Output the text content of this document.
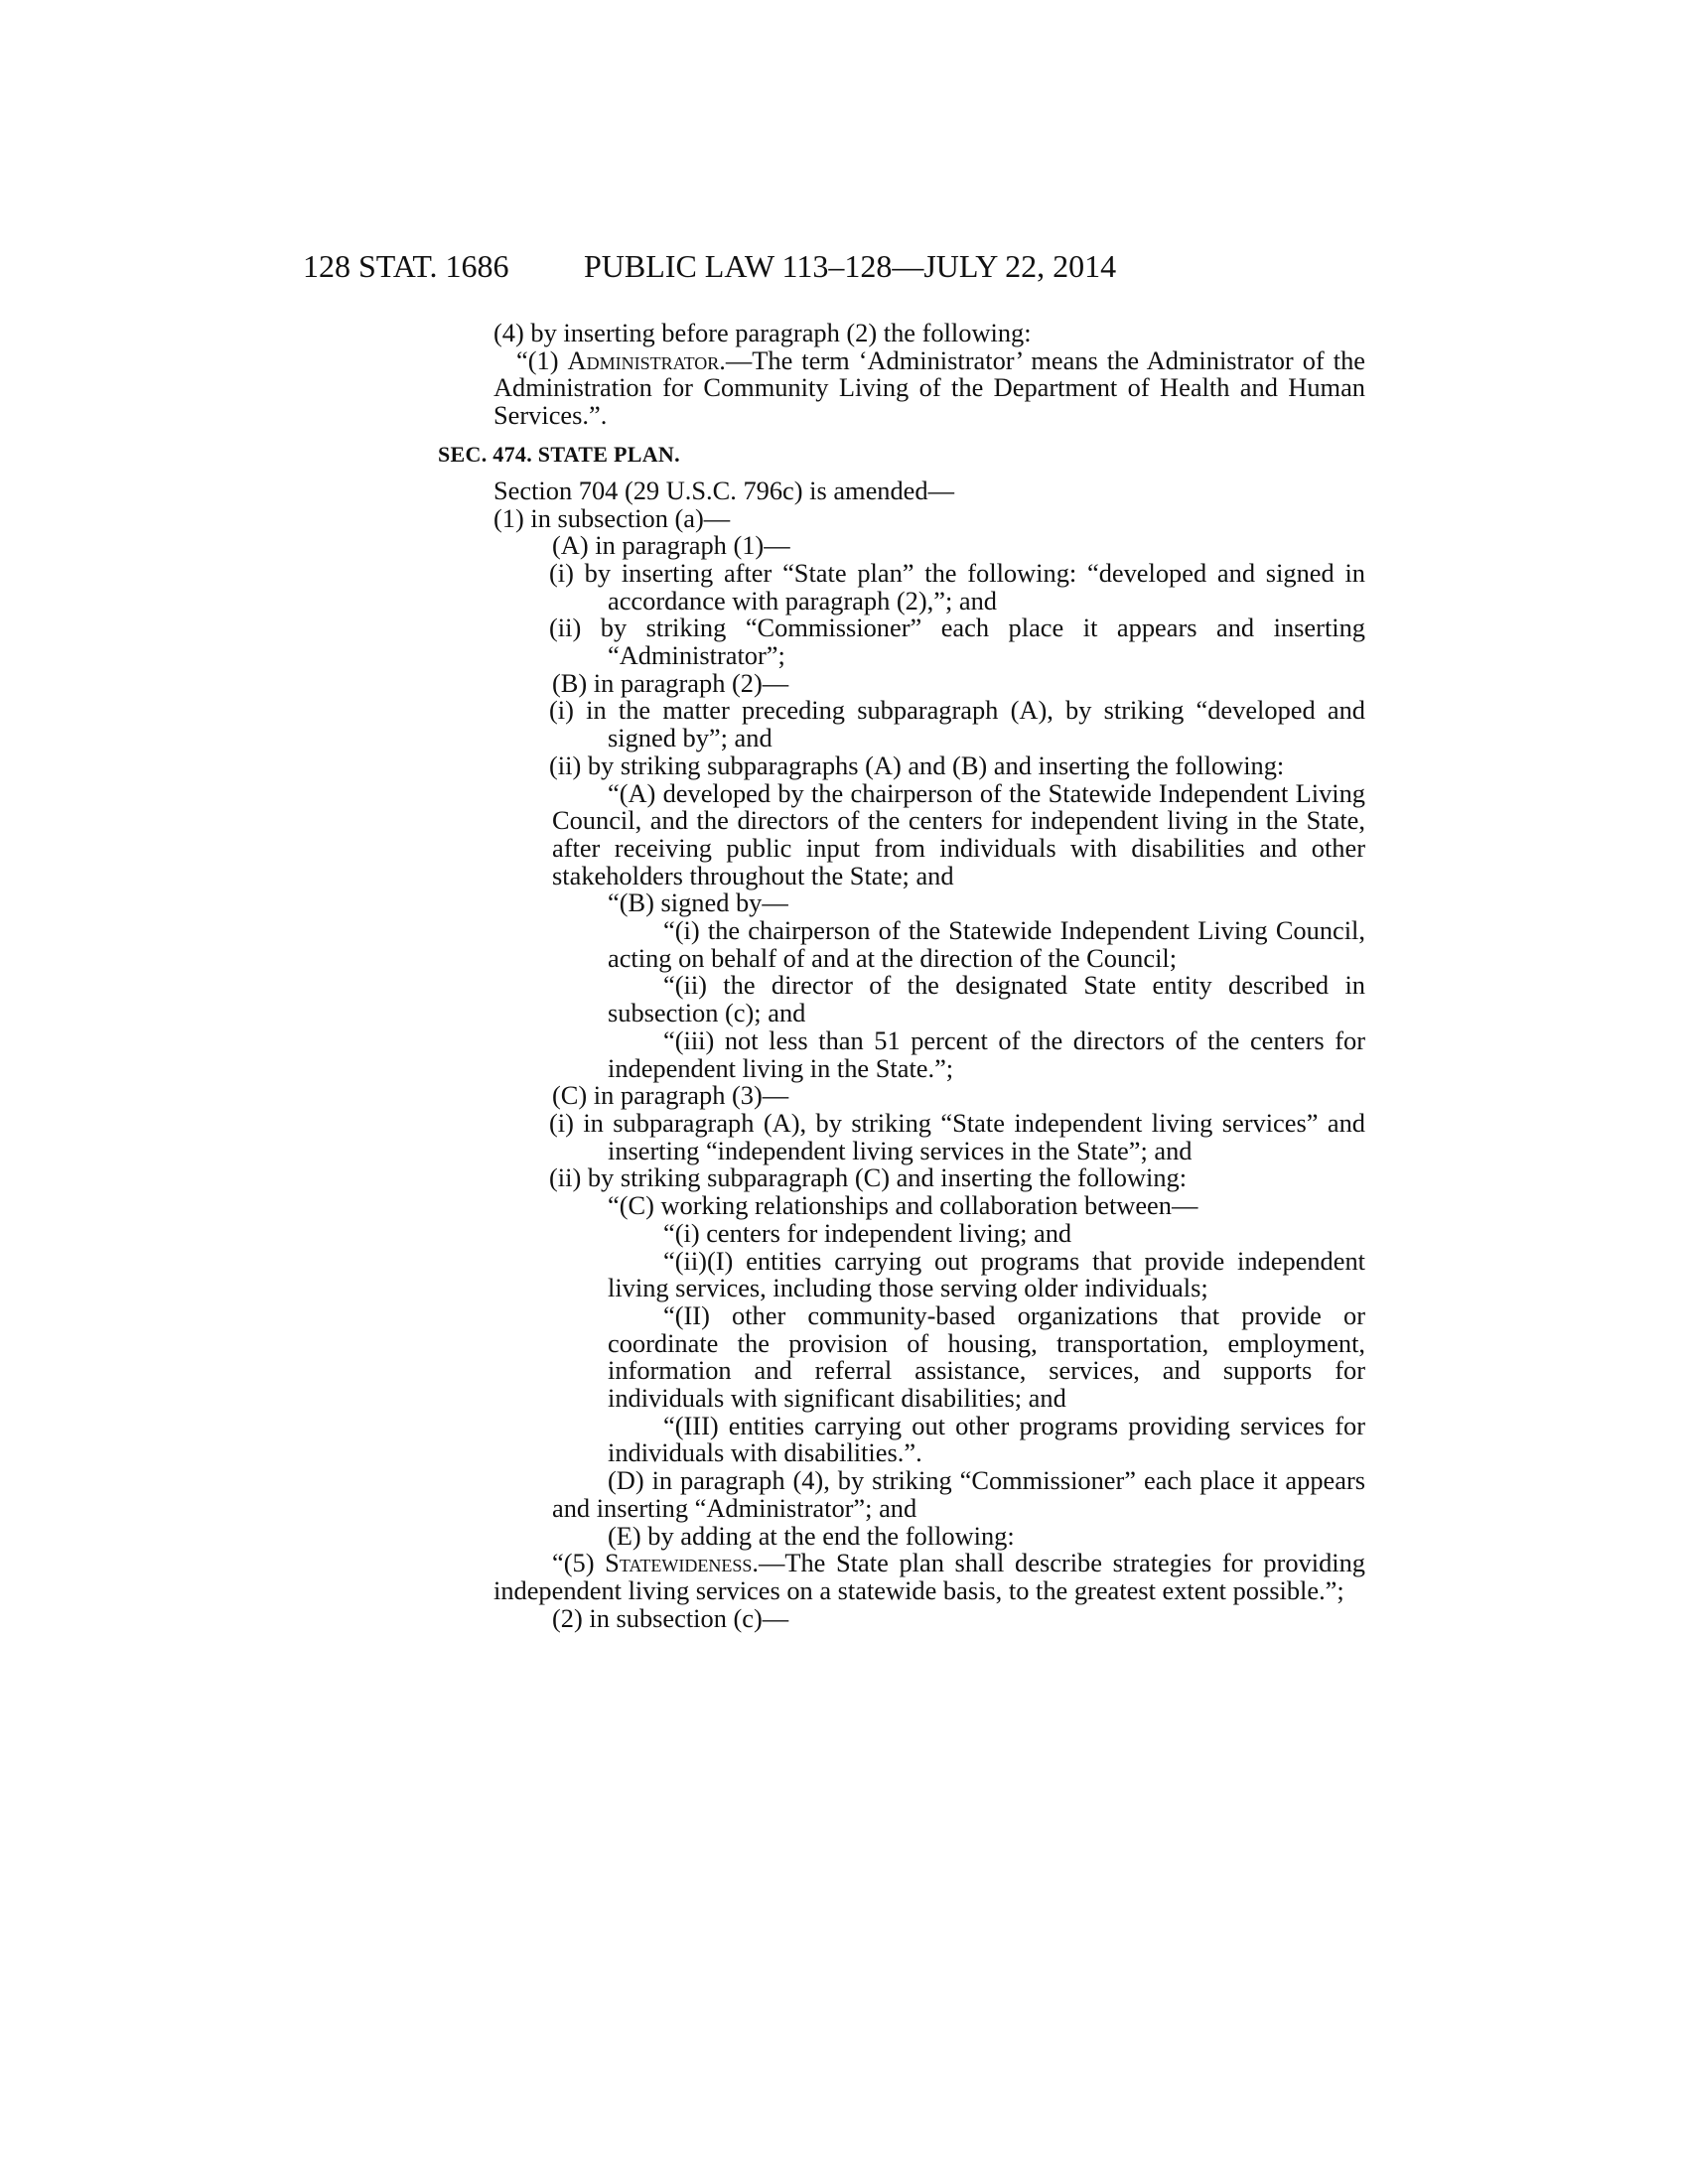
128 STAT. 1686 PUBLIC LAW 113–128—JULY 22, 2014

(4) by inserting before paragraph (2) the following:

“(1) Administrator.—The term ‘Administrator’ means the Administrator of the Administration for Community Living of the Department of Health and Human Services.”.

SEC. 474. STATE PLAN.

Section 704 (29 U.S.C. 796c) is amended—

(1) in subsection (a)—

(A) in paragraph (1)—

(i) by inserting after “State plan” the following: “developed and signed in accordance with paragraph (2),”; and

(ii) by striking “Commissioner” each place it appears and inserting “Administrator”;

(B) in paragraph (2)—

(i) in the matter preceding subparagraph (A), by striking “developed and signed by”; and

(ii) by striking subparagraphs (A) and (B) and inserting the following:

“(A) developed by the chairperson of the Statewide Independent Living Council, and the directors of the centers for independent living in the State, after receiving public input from individuals with disabilities and other stakeholders throughout the State; and

“(B) signed by—

“(i) the chairperson of the Statewide Independent Living Council, acting on behalf of and at the direction of the Council;

“(ii) the director of the designated State entity described in subsection (c); and

“(iii) not less than 51 percent of the directors of the centers for independent living in the State.”;

(C) in paragraph (3)—

(i) in subparagraph (A), by striking “State independent living services” and inserting “independent living services in the State”; and

(ii) by striking subparagraph (C) and inserting the following:

“(C) working relationships and collaboration between—

“(i) centers for independent living; and

“(ii)(I) entities carrying out programs that provide independent living services, including those serving older individuals;

“(II) other community-based organizations that provide or coordinate the provision of housing, transportation, employment, information and referral assistance, services, and supports for individuals with significant disabilities; and

“(III) entities carrying out other programs providing services for individuals with disabilities.”.

(D) in paragraph (4), by striking “Commissioner” each place it appears and inserting “Administrator”; and

(E) by adding at the end the following:

“(5) Statewideness.—The State plan shall describe strategies for providing independent living services on a statewide basis, to the greatest extent possible.”;

(2) in subsection (c)—
